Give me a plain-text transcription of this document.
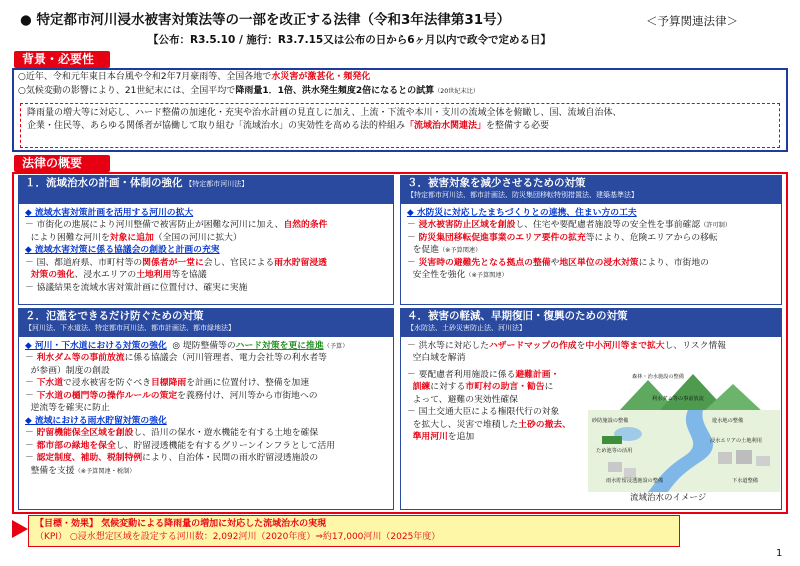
● 特定都市河川浸水被害対策法等の一部を改正する法律（令和3年法律第31号）	＜予算関連法律＞
【公布：R3.5.10 / 施行：R3.7.15又は公布の日から6ヶ月以内で政令で定める日】
背景・必要性
○近年、令和元年東日本台風や令和2年7月豪雨等、全国各地で水災害が激甚化・頻発化
○気候変動の影響により、21世紀末には、全国平均で降雨量1．1倍、洪水発生頻度2倍になるとの試算（20世紀末比）
降雨量の増大等に対応し、ハード整備の加速化・充実や治水計画の見直しに加え、上流・下流や本川・支川の流域全体を俯瞰し、国、流域自治体、
企業・住民等、あらゆる関係者が協働して取り組む「流域治水」の実効性を高める法的枠組み「流域治水関連法」を整備する必要
法律の概要
１．流域治水の計画・体制の強化 【特定都市河川法】

◆ 流域水害対策計画を活用する河川の拡大

－ 市街化の進展により河川整備で被害防止が困難な河川に加え、自然的条件

により困難な河川を対象に追加（全国の河川に拡大）

◆ 流域水害対策に係る協議会の創設と計画の充実

－ 国、都道府県、市町村等の関係者が一堂に会し、官民による雨水貯留浸透

対策の強化、浸水エリアの土地利用等を協議

－ 協議結果を流域水害対策計画に位置付け、確実に実施

２．氾濫をできるだけ防ぐための対策
【河川法、下水道法、特定都市河川法、都市計画法、都市緑地法】

◆ 河川・下水道における対策の強化 ◎ 堤防整備等のハード対策を更に推進（予算）

－ 利水ダム等の事前放流に係る協議会（河川管理者、電力会社等の利水者等

が参画）制度の創設

－ 下水道で浸水被害を防ぐべき目標降雨を計画に位置付け、整備を加速

－ 下水道の樋門等の操作ルールの策定を義務付け、河川等から市街地への

逆流等を確実に防止

◆ 流域における雨水貯留対策の強化

－ 貯留機能保全区域を創設し、沿川の保水・遊水機能を有する土地を確保

－ 都市部の緑地を保全し、貯留浸透機能を有するグリーンインフラとして活用

－ 認定制度、補助、税制特例により、自治体・民間の雨水貯留浸透施設の

整備を支援（※予算関連・税制）

３．被害対象を減少させるための対策
【特定都市河川法、都市計画法、防災集団移転特別措置法、建築基準法】

◆ 水防災に対応したまちづくりとの連携、住まい方の工夫

－ 浸水被害防止区域を創設し、住宅や要配慮者施設等の安全性を事前確認（許可制）

－ 防災集団移転促進事業のエリア要件の拡充等により、危険エリアからの移転

を促進（※予算関連）

－ 災害時の避難先となる拠点の整備や地区単位の浸水対策により、市街地の

安全性を強化（※予算関連）

４．被害の軽減、早期復旧・復興のための対策
【水防法、土砂災害防止法、河川法】

－ 洪水等に対応したハザードマップの作成を中小河川等まで拡大し、リスク情報

空白域を解消

－ 要配慮者利用施設に係る避難計画・

訓練に対する市町村の助言・勧告に

よって、避難の実効性確保

－ 国土交通大臣による権限代行の対象

を拡大し、災害で堆積した土砂の撤去、

準用河川を追加

森林・治水施設の整備
砂防施設の整備
ため池等の活用
利水ダム等の事前放流
遊水地の整備
浸水エリアの土地利用
雨水貯留浸透施設の整備	下水道整備
流域治水のイメージ

【目標・効果】 気候変動による降雨量の増加に対応した流域治水の実現

（KPI） ○浸水想定区域を設定する河川数：2,092河川（2020年度）⇒約17,000河川（2025年度）

1
